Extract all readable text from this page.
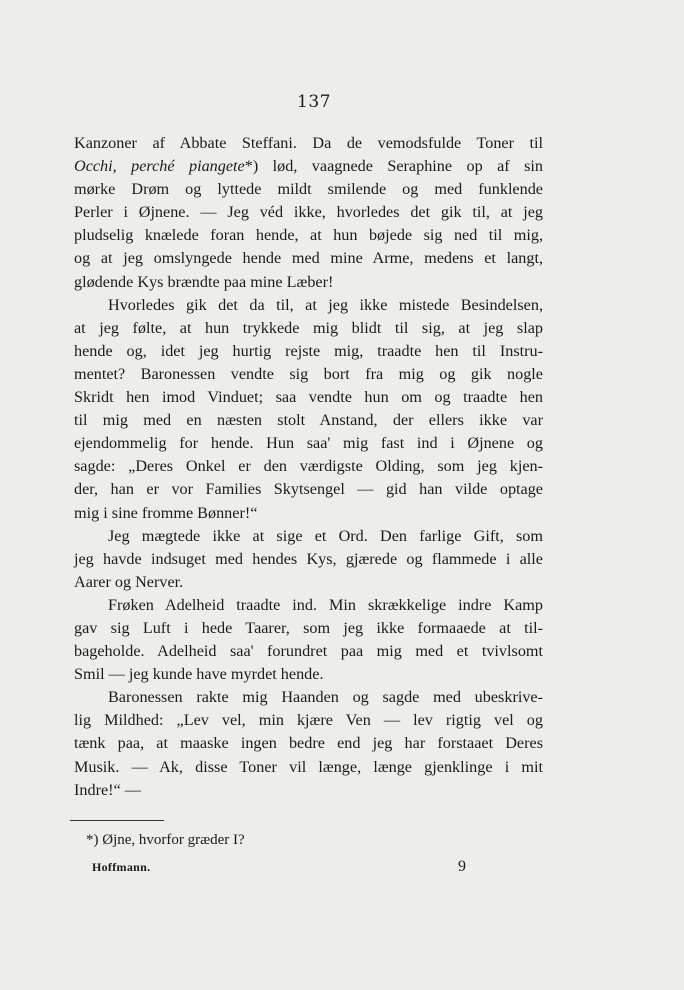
137
Kanzoner af Abbate Steffani. Da de vemodsfulde Toner til
Occhi, perché piangete*) lød, vaagnede Seraphine op af sin
mørke Drøm og lyttede mildt smilende og med funklende
Perler i Øjnene. — Jeg véd ikke, hvorledes det gik til, at jeg
pludselig knælede foran hende, at hun bøjede sig ned til mig,
og at jeg omslyngede hende med mine Arme, medens et langt,
glødende Kys brændte paa mine Læber!
Hvorledes gik det da til, at jeg ikke mistede Besindelsen,
at jeg følte, at hun trykkede mig blidt til sig, at jeg slap
hende og, idet jeg hurtig rejste mig, traadte hen til Instru-
mentet? Baronessen vendte sig bort fra mig og gik nogle
Skridt hen imod Vinduet; saa vendte hun om og traadte hen
til mig med en næsten stolt Anstand, der ellers ikke var
ejendommelig for hende. Hun saa' mig fast ind i Øjnene og
sagde: „Deres Onkel er den værdigste Olding, som jeg kjen-
der, han er vor Families Skytsengel — gid han vilde optage
mig i sine fromme Bønner!“
Jeg mægtede ikke at sige et Ord. Den farlige Gift, som
jeg havde indsuget med hendes Kys, gjærede og flammede i alle
Aarer og Nerver.
Frøken Adelheid traadte ind. Min skrækkelige indre Kamp
gav sig Luft i hede Taarer, som jeg ikke formaaede at til-
bageholde. Adelheid saa' forundret paa mig med et tvivlsomt
Smil — jeg kunde have myrdet hende.
Baronessen rakte mig Haanden og sagde med ubeskrive-
lig Mildhed: „Lev vel, min kjære Ven — lev rigtig vel og
tænk paa, at maaske ingen bedre end jeg har forstaaet Deres
Musik. — Ak, disse Toner vil længe, længe gjenklinge i mit
Indre!“ —
*) Øjne, hvorfor græder I?
Hoffmann.	9
